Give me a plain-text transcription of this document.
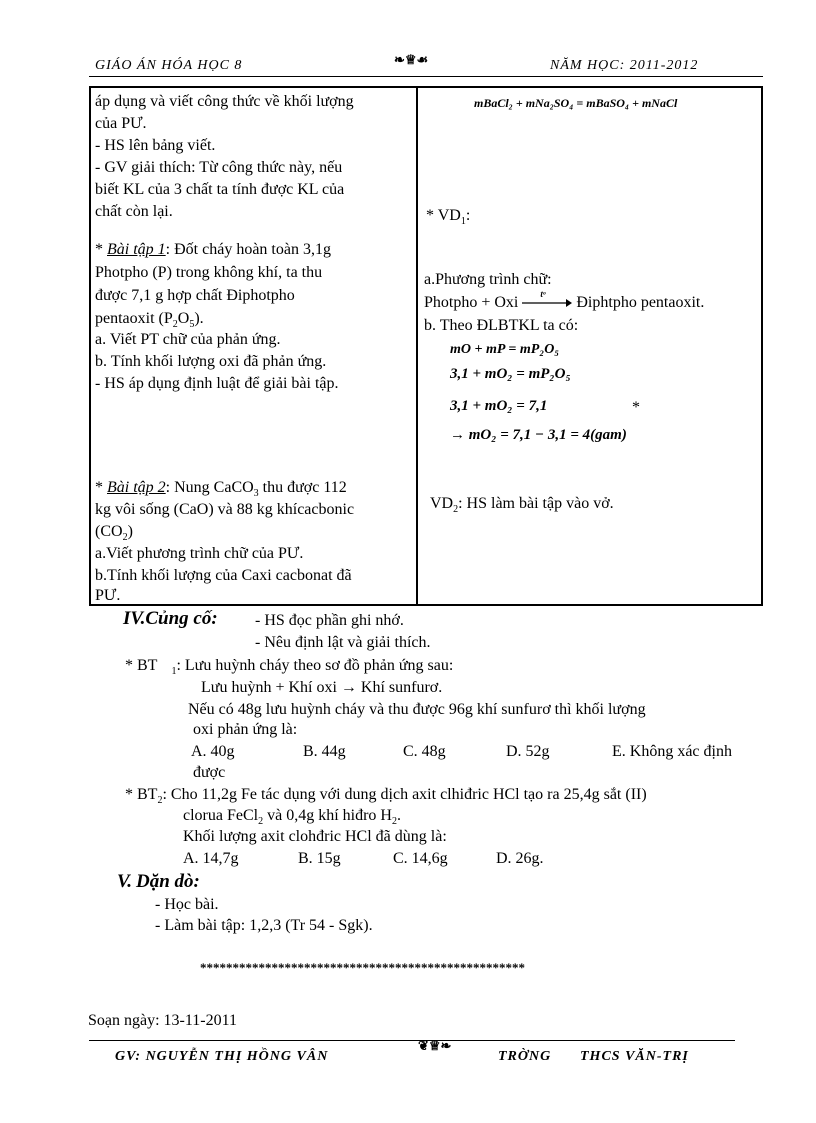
GIÁO ÁN HÓA HỌC 8	❧♕☙	NĂM HỌC: 2011-2012
áp dụng và viết công thức về khối lượng
của PƯ.
- HS lên bảng viết.
- GV giải thích: Từ công thức này, nếu
biết KL của 3 chất ta tính được KL của
chất còn lại.
* Bài tập 1: Đốt cháy hoàn toàn 3,1g
Photpho (P) trong không khí, ta thu
được 7,1 g hợp chất Điphotpho
pentaoxit $(P_2O_5)$.
a. Viết PT chữ của phản ứng.
b. Tính khối lượng oxi đã phản ứng.
- HS áp dụng định luật để giải bài tập.
* Bài tập 2: Nung CaCO$_3$ thu được 112
kg vôi sống (CaO) và 88 kg khícacbonic
$(CO_2)$
a.Viết phương trình chữ của PƯ.
b.Tính khối lượng của Caxi cacbonat đã
PƯ.

mBaCl₂ + mNa₂SO₄ = mBaSO₄ + mNaCl
* $VD_1$:
a.Phương trình chữ:
Photpho + Oxi tᵒ Điphtpho pentaoxit.
b. Theo ĐLBTKL ta có:
mO + mP = mP₂O₅
3,1 + mO₂ = mP₂O₅
3,1 + mO₂ = 7,1	*
→ mO₂ = 7,1 − 3,1 = 4(gam)
$VD_2$: HS làm bài tập vào vở.
IV.Củng cố: - HS đọc phần ghi nhớ.
- Nêu định lật và giải thích.
* BT $_1$: Lưu huỳnh cháy theo sơ đồ phản ứng sau:
Lưu huỳnh + Khí oxi → Khí sunfurơ.
Nếu có 48g lưu huỳnh cháy và thu được 96g khí sunfurơ thì khối lượng
oxi phản ứng là:
A. 40g	B. 44g	C. 48g	D. 52g	E. Không xác định
được
* $BT_2$: Cho 11,2g Fe tác dụng với dung dịch axit clhiđric HCl tạo ra 25,4g sắt (II)
clorua FeCl$_2$ và 0,4g khí hiđro $H_2$.
Khối lượng axit clohđric HCl đã dùng là:
A. 14,7g	B. 15g	C. 14,6g	D. 26g.
V. Dặn dò:
- Học bài.
- Làm bài tập: 1,2,3 (Tr 54 - Sgk).
**************************************************
Soạn ngày: 13-11-2011
GV: NGUYỄN THỊ HỒNG VÂN
❦♕❧
TRỜNG THCS VĂN-TRỊ
